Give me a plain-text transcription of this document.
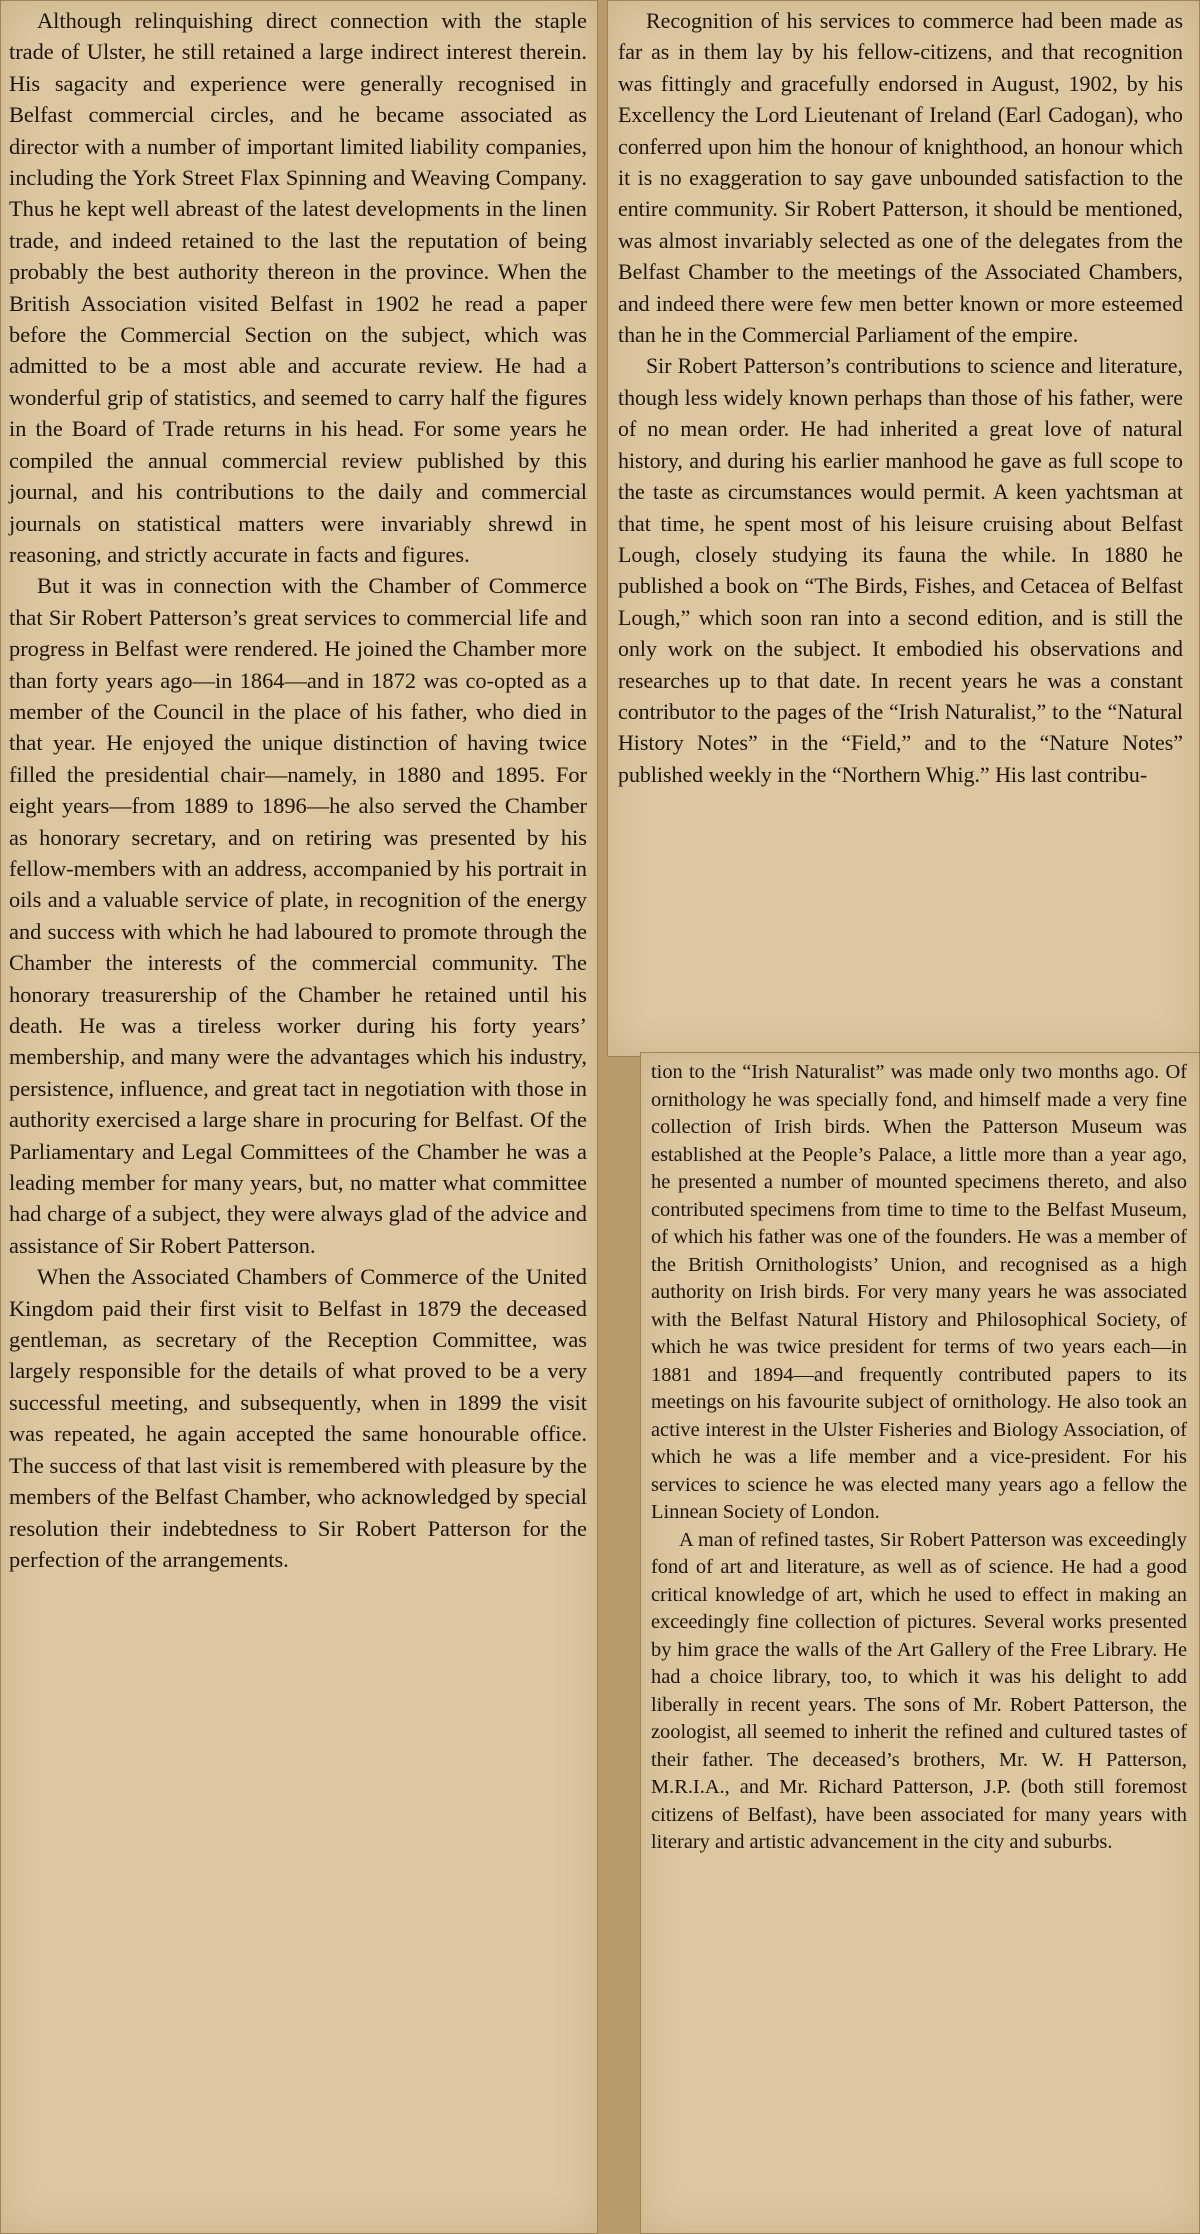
Although relinquishing direct connection with the staple trade of Ulster, he still retained a large indirect interest therein. His sagacity and experience were generally recognised in Belfast commercial circles, and he became associated as director with a number of important limited liability companies, including the York Street Flax Spinning and Weaving Company. Thus he kept well abreast of the latest developments in the linen trade, and indeed retained to the last the reputation of being probably the best authority thereon in the province. When the British Association visited Belfast in 1902 he read a paper before the Commercial Section on the subject, which was admitted to be a most able and accurate review. He had a wonderful grip of statistics, and seemed to carry half the figures in the Board of Trade returns in his head. For some years he compiled the annual commercial review published by this journal, and his contributions to the daily and commercial journals on statistical matters were invariably shrewd in reasoning, and strictly accurate in facts and figures.

But it was in connection with the Chamber of Commerce that Sir Robert Patterson’s great services to commercial life and progress in Belfast were rendered. He joined the Chamber more than forty years ago—in 1864—and in 1872 was co-opted as a member of the Council in the place of his father, who died in that year. He enjoyed the unique distinction of having twice filled the presidential chair—namely, in 1880 and 1895. For eight years—from 1889 to 1896—he also served the Chamber as honorary secretary, and on retiring was presented by his fellow-members with an address, accompanied by his portrait in oils and a valuable service of plate, in recognition of the energy and success with which he had laboured to promote through the Chamber the interests of the commercial community. The honorary treasurership of the Chamber he retained until his death. He was a tireless worker during his forty years’ membership, and many were the advantages which his industry, persistence, influence, and great tact in negotiation with those in authority exercised a large share in procuring for Belfast. Of the Parliamentary and Legal Committees of the Chamber he was a leading member for many years, but, no matter what committee had charge of a subject, they were always glad of the advice and assistance of Sir Robert Patterson.

When the Associated Chambers of Commerce of the United Kingdom paid their first visit to Belfast in 1879 the deceased gentleman, as secretary of the Reception Committee, was largely responsible for the details of what proved to be a very successful meeting, and subsequently, when in 1899 the visit was repeated, he again accepted the same honourable office. The success of that last visit is remembered with pleasure by the members of the Belfast Chamber, who acknowledged by special resolution their indebtedness to Sir Robert Patterson for the perfection of the arrangements.

Recognition of his services to commerce had been made as far as in them lay by his fellow-citizens, and that recognition was fittingly and gracefully endorsed in August, 1902, by his Excellency the Lord Lieutenant of Ireland (Earl Cadogan), who conferred upon him the honour of knighthood, an honour which it is no exaggeration to say gave unbounded satisfaction to the entire community. Sir Robert Patterson, it should be mentioned, was almost invariably selected as one of the delegates from the Belfast Chamber to the meetings of the Associated Chambers, and indeed there were few men better known or more esteemed than he in the Commercial Parliament of the empire.

Sir Robert Patterson’s contributions to science and literature, though less widely known perhaps than those of his father, were of no mean order. He had inherited a great love of natural history, and during his earlier manhood he gave as full scope to the taste as circumstances would permit. A keen yachtsman at that time, he spent most of his leisure cruising about Belfast Lough, closely studying its fauna the while. In 1880 he published a book on “The Birds, Fishes, and Cetacea of Belfast Lough,” which soon ran into a second edition, and is still the only work on the subject. It embodied his observations and researches up to that date. In recent years he was a constant contributor to the pages of the “Irish Naturalist,” to the “Natural History Notes” in the “Field,” and to the “Nature Notes” published weekly in the “Northern Whig.” His last contribu-

tion to the “Irish Naturalist” was made only two months ago. Of ornithology he was specially fond, and himself made a very fine collection of Irish birds. When the Patterson Museum was established at the People’s Palace, a little more than a year ago, he presented a number of mounted specimens thereto, and also contributed specimens from time to time to the Belfast Museum, of which his father was one of the founders. He was a member of the British Ornithologists’ Union, and recognised as a high authority on Irish birds. For very many years he was associated with the Belfast Natural History and Philosophical Society, of which he was twice president for terms of two years each—in 1881 and 1894—and frequently contributed papers to its meetings on his favourite subject of ornithology. He also took an active interest in the Ulster Fisheries and Biology Association, of which he was a life member and a vice-president. For his services to science he was elected many years ago a fellow the Linnean Society of London.

A man of refined tastes, Sir Robert Patterson was exceedingly fond of art and literature, as well as of science. He had a good critical knowledge of art, which he used to effect in making an exceedingly fine collection of pictures. Several works presented by him grace the walls of the Art Gallery of the Free Library. He had a choice library, too, to which it was his delight to add liberally in recent years. The sons of Mr. Robert Patterson, the zoologist, all seemed to inherit the refined and cultured tastes of their father. The deceased’s brothers, Mr. W. H Patterson, M.R.I.A., and Mr. Richard Patterson, J.P. (both still foremost citizens of Belfast), have been associated for many years with literary and artistic advancement in the city and suburbs.
